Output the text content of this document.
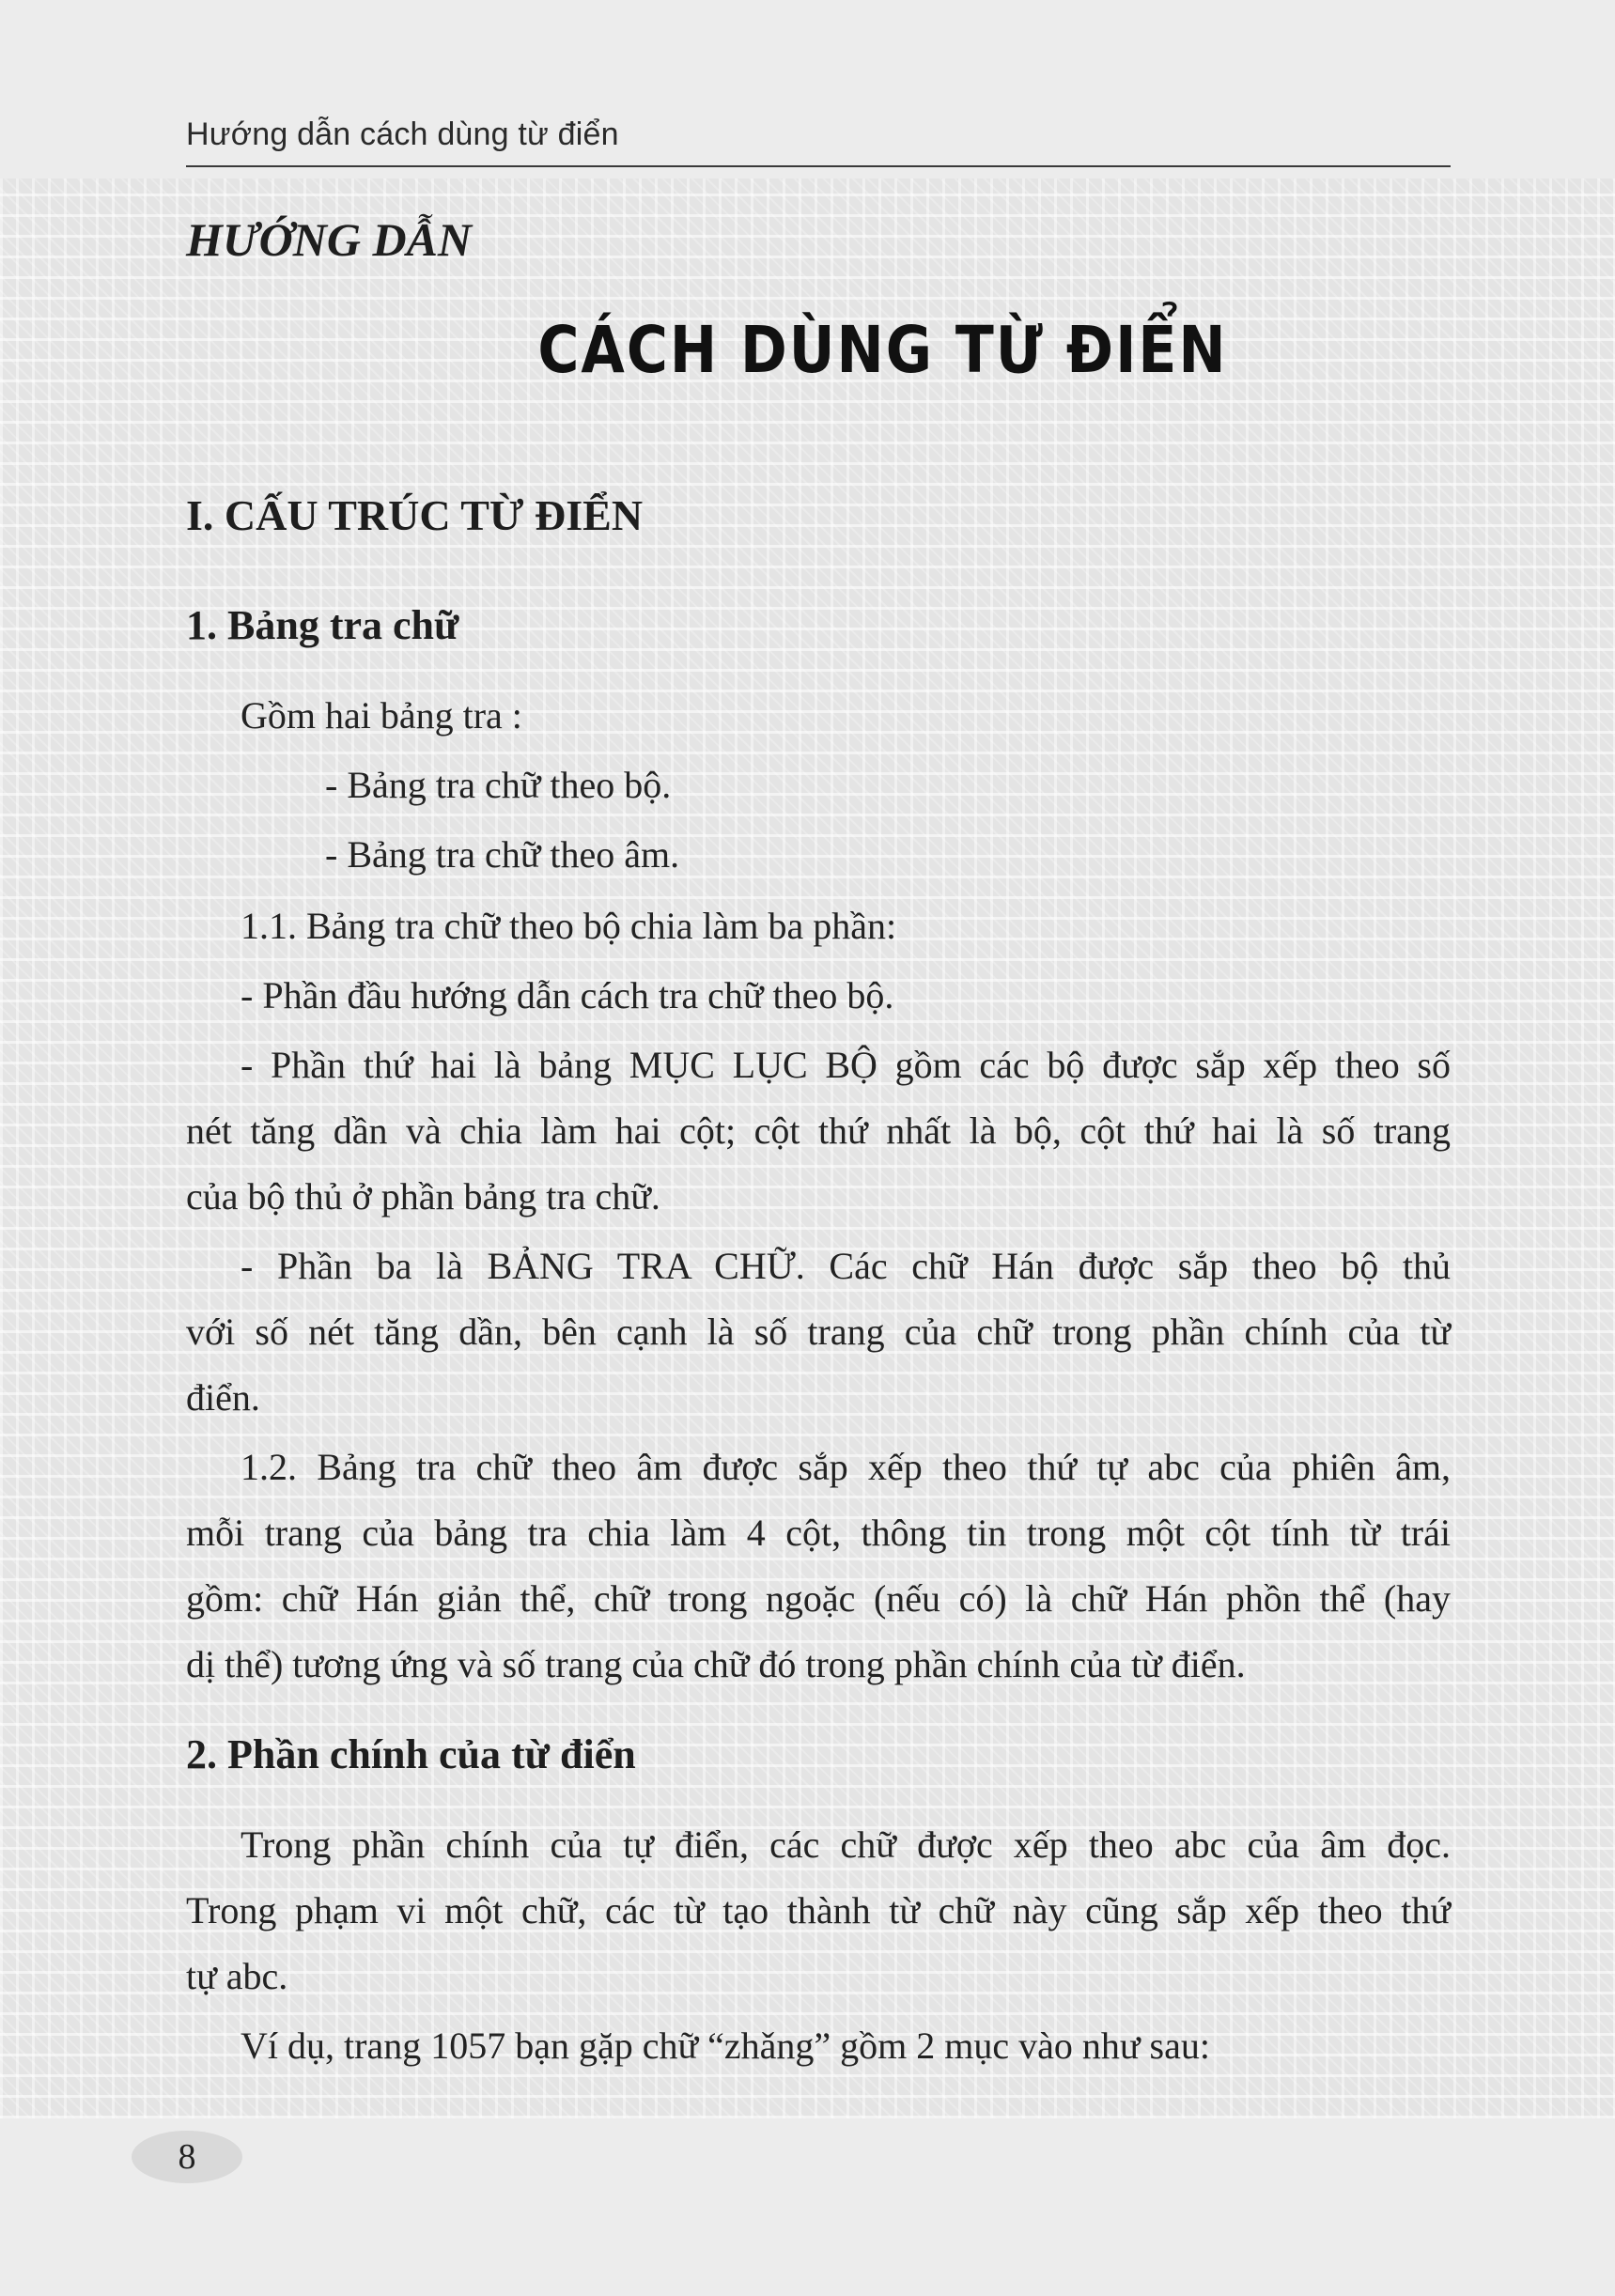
Hướng dẫn cách dùng từ điển
HƯỚNG DẪN
CÁCH DÙNG TỪ ĐIỂN
I. CẤU TRÚC TỪ ĐIỂN
1. Bảng tra chữ
Gồm hai bảng tra :
- Bảng tra chữ theo bộ.
- Bảng tra chữ theo âm.
1.1. Bảng tra chữ theo bộ chia làm ba phần:
- Phần đầu hướng dẫn cách tra chữ theo bộ.
- Phần thứ hai là bảng MỤC LỤC BỘ gồm các bộ được sắp xếp theo số
nét tăng dần và chia làm hai cột; cột thứ nhất là bộ, cột thứ hai là số trang
của bộ thủ ở phần bảng tra chữ.
- Phần ba là BẢNG TRA CHỮ. Các chữ Hán được sắp theo bộ thủ
với số nét tăng dần, bên cạnh là số trang của chữ trong phần chính của từ
điển.
1.2. Bảng tra chữ theo âm được sắp xếp theo thứ tự abc của phiên âm,
mỗi trang của bảng tra chia làm 4 cột, thông tin trong một cột tính từ trái
gồm: chữ Hán giản thể, chữ trong ngoặc (nếu có) là chữ Hán phồn thể (hay
dị thể) tương ứng và số trang của chữ đó trong phần chính của từ điển.
2. Phần chính của từ điển
Trong phần chính của tự điển, các chữ được xếp theo abc của âm đọc.
Trong phạm vi một chữ, các từ tạo thành từ chữ này cũng sắp xếp theo thứ
tự abc.
Ví dụ, trang 1057 bạn gặp chữ “zhǎng” gồm 2 mục vào như sau:
8
